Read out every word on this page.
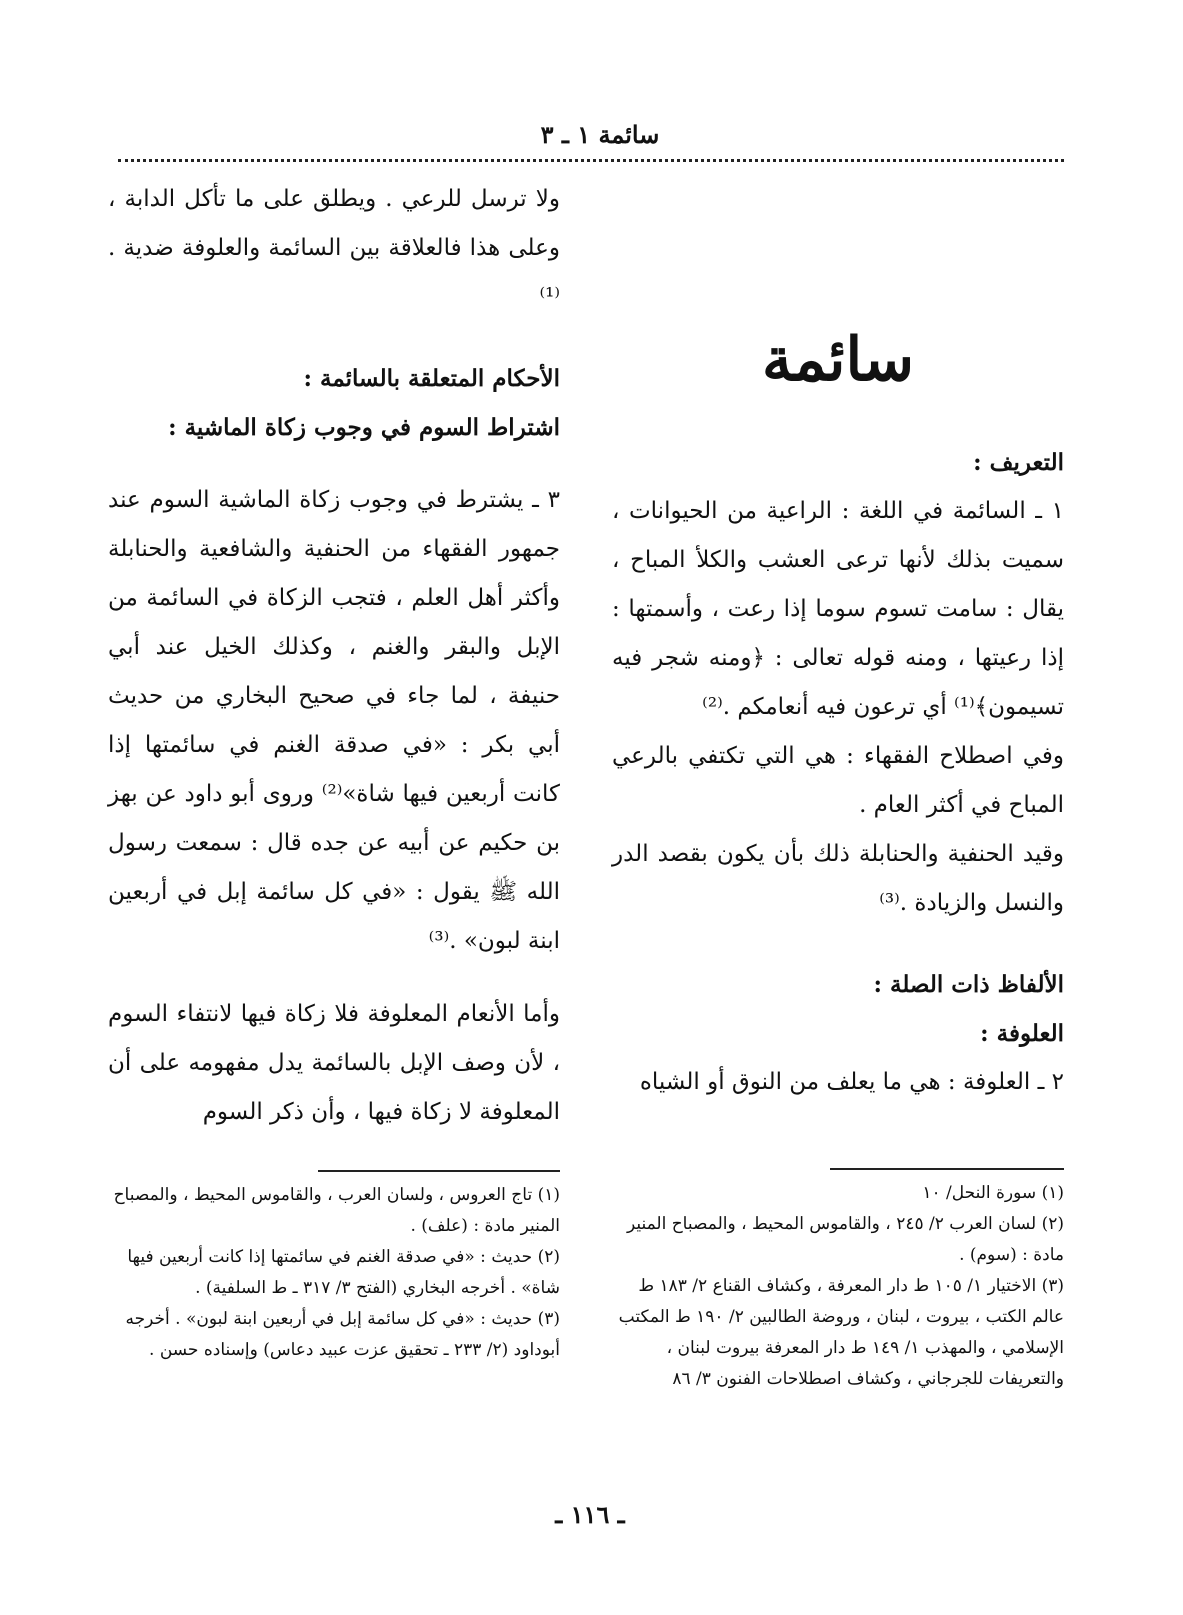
سائمة ١ ـ ٣
سائمة

التعريف :

١ ـ السائمة في اللغة : الراعية من الحيوانات ، سميت بذلك لأنها ترعى العشب والكلأ المباح ، يقال : سامت تسوم سوما إذا رعت ، وأسمتها : إذا رعيتها ، ومنه قوله تعالى : ﴿ومنه شجر فيه تسيمون﴾⁽¹⁾ أي ترعون فيه أنعامكم .⁽²⁾

وفي اصطلاح الفقهاء : هي التي تكتفي بالرعي المباح في أكثر العام .

وقيد الحنفية والحنابلة ذلك بأن يكون بقصد الدر والنسل والزيادة .⁽³⁾

الألفاظ ذات الصلة :

العلوفة :

٢ ـ العلوفة : هي ما يعلف من النوق أو الشياه

ولا ترسل للرعي . ويطلق على ما تأكل الدابة ، وعلى هذا فالعلاقة بين السائمة والعلوفة ضدية .⁽¹⁾

الأحكام المتعلقة بالسائمة :

اشتراط السوم في وجوب زكاة الماشية :

٣ ـ يشترط في وجوب زكاة الماشية السوم عند جمهور الفقهاء من الحنفية والشافعية والحنابلة وأكثر أهل العلم ، فتجب الزكاة في السائمة من الإبل والبقر والغنم ، وكذلك الخيل عند أبي حنيفة ، لما جاء في صحيح البخاري من حديث أبي بكر : «في صدقة الغنم في سائمتها إذا كانت أربعين فيها شاة»⁽²⁾ وروى أبو داود عن بهز بن حكيم عن أبيه عن جده قال : سمعت رسول الله ﷺ يقول : «في كل سائمة إبل في أربعين ابنة لبون» .⁽³⁾

وأما الأنعام المعلوفة فلا زكاة فيها لانتفاء السوم ، لأن وصف الإبل بالسائمة يدل مفهومه على أن المعلوفة لا زكاة فيها ، وأن ذكر السوم

(١) سورة النحل/ ١٠

(٢) لسان العرب ٢/ ٢٤٥ ، والقاموس المحيط ، والمصباح المنير مادة : (سوم) .

(٣) الاختيار ١/ ١٠٥ ط دار المعرفة ، وكشاف القناع ٢/ ١٨٣ ط عالم الكتب ، بيروت ، لبنان ، وروضة الطالبين ٢/ ١٩٠ ط المكتب الإسلامي ، والمهذب ١/ ١٤٩ ط دار المعرفة بيروت لبنان ، والتعريفات للجرجاني ، وكشاف اصطلاحات الفنون ٣/ ٨٦

(١) تاج العروس ، ولسان العرب ، والقاموس المحيط ، والمصباح المنير مادة : (علف) .

(٢) حديث : «في صدقة الغنم في سائمتها إذا كانت أربعين فيها شاة» . أخرجه البخاري (الفتح ٣/ ٣١٧ ـ ط السلفية) .

(٣) حديث : «في كل سائمة إبل في أربعين ابنة لبون» . أخرجه أبوداود (٢/ ٢٣٣ ـ تحقيق عزت عبيد دعاس) وإسناده حسن .

ـ ١١٦ ـ
